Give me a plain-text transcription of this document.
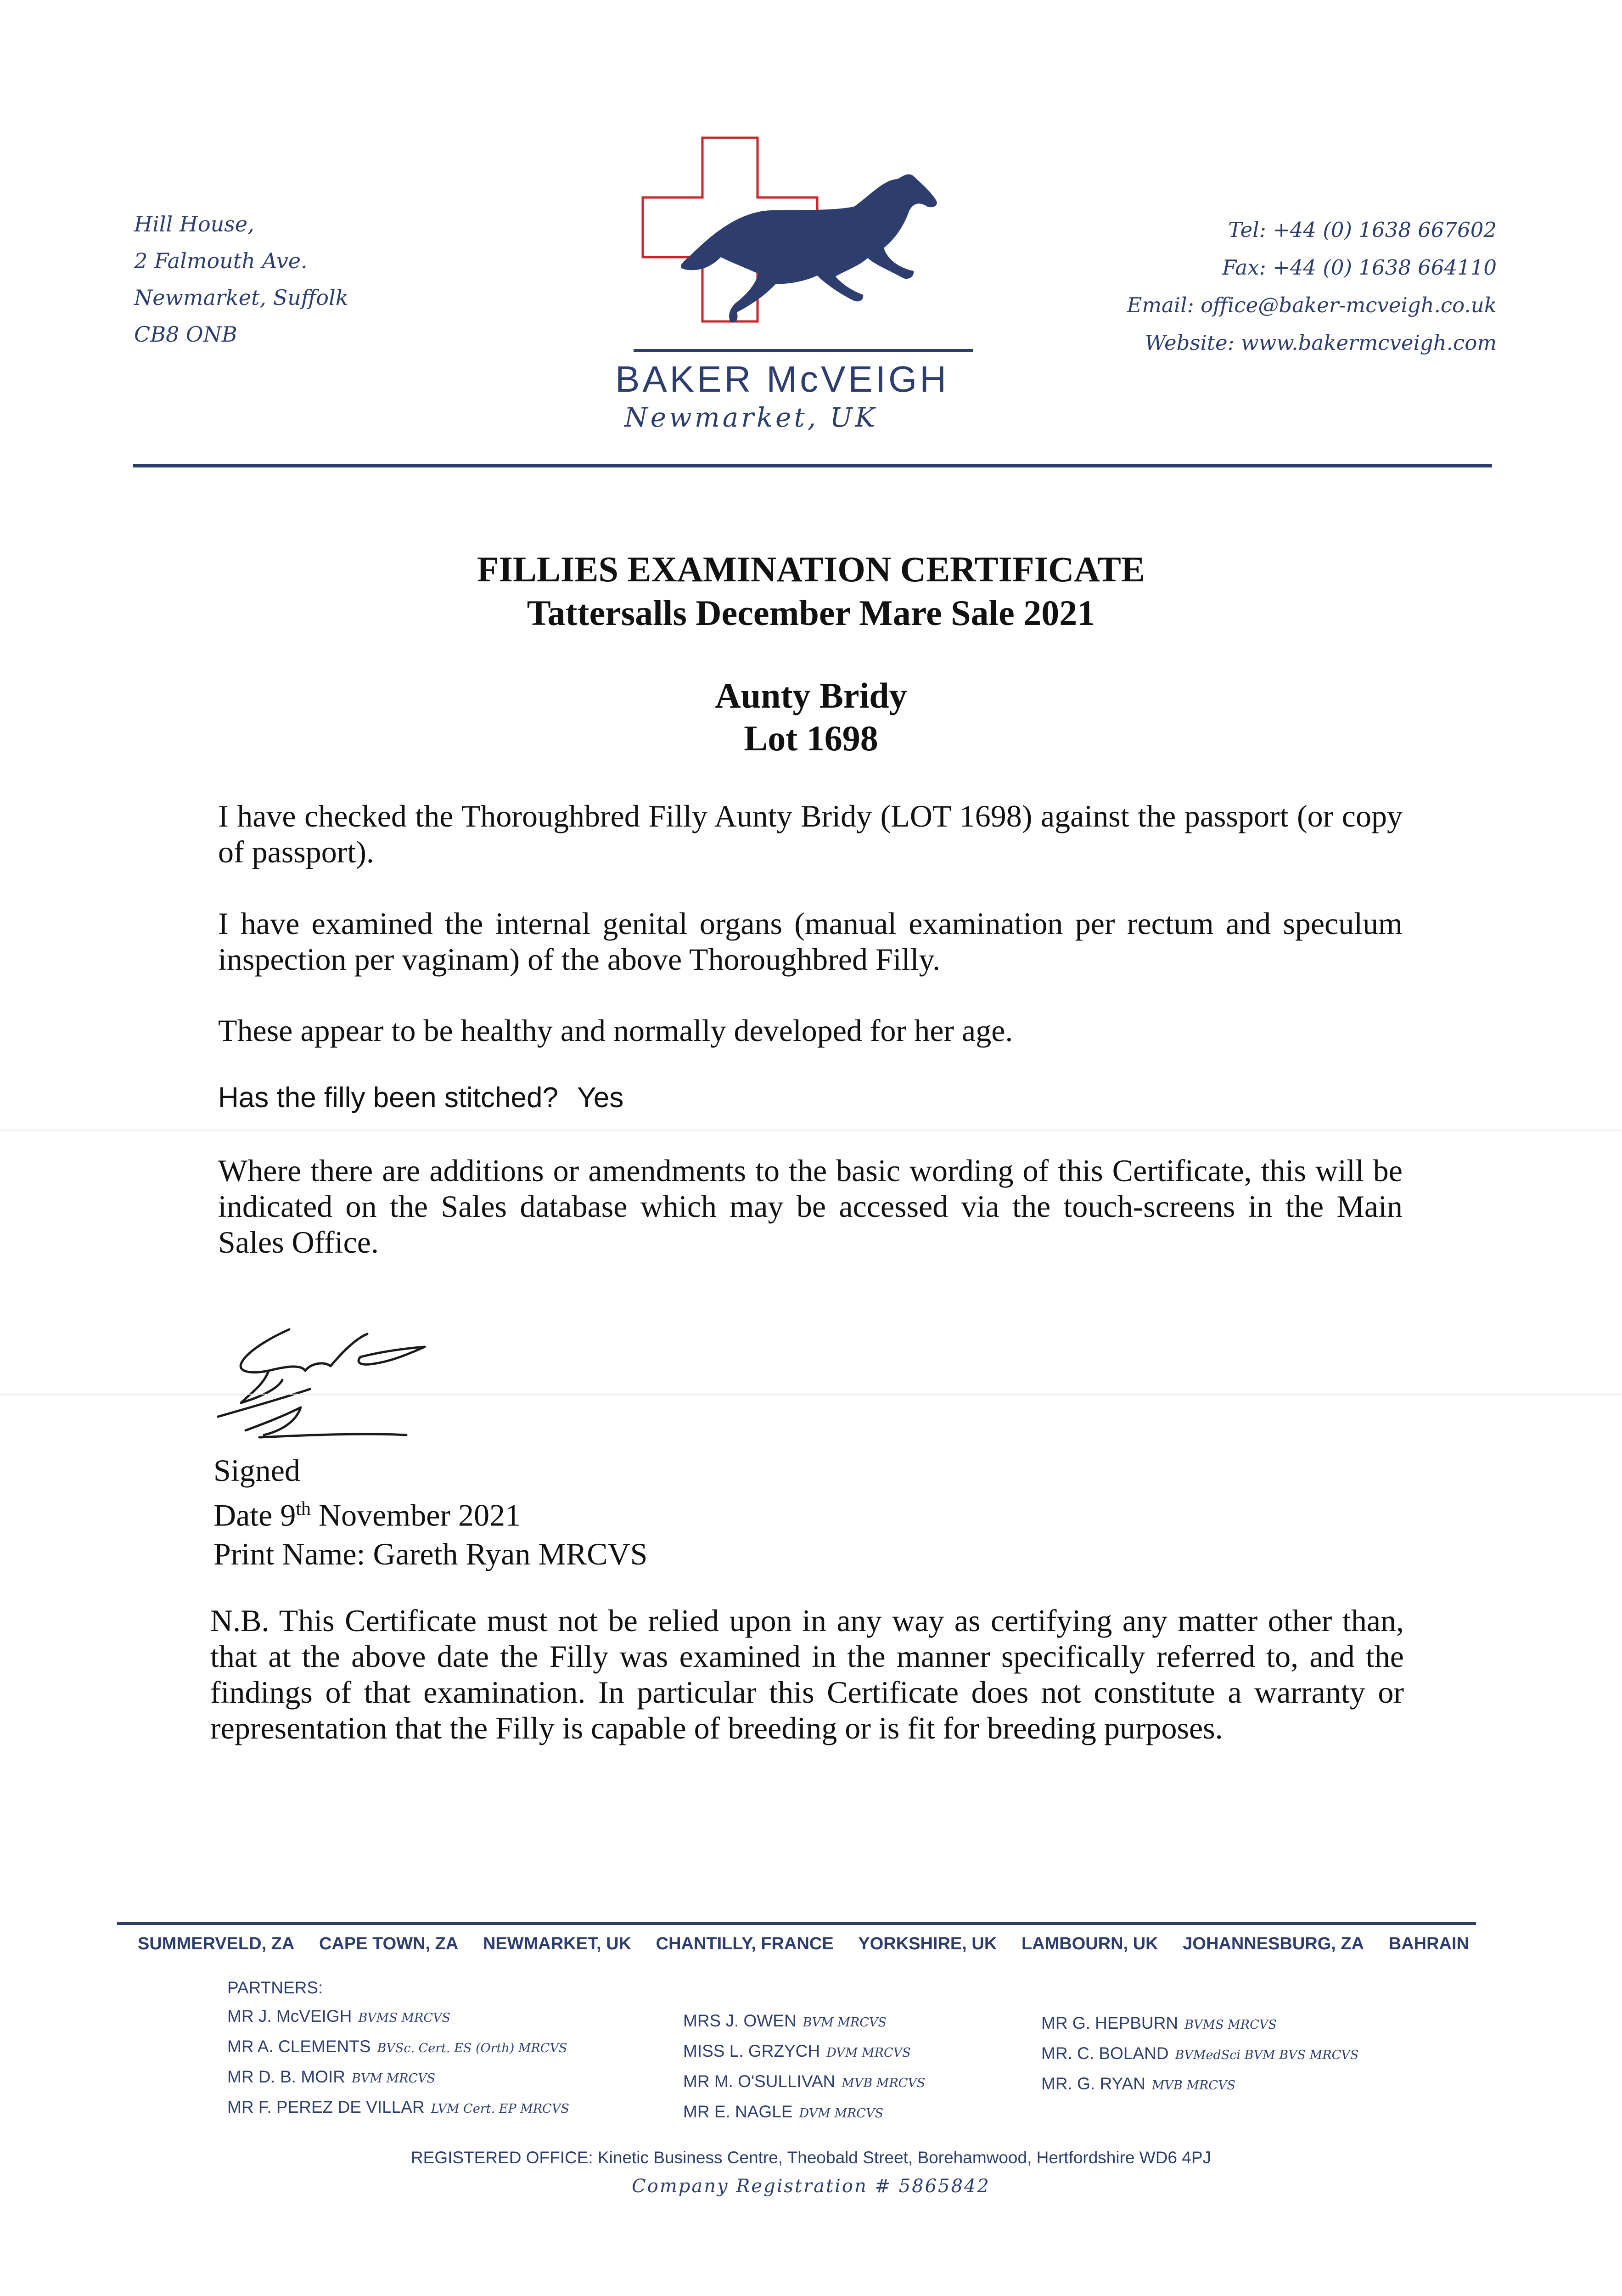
Hill House,
2 Falmouth Ave.
Newmarket, Suffolk
CB8 ONB
BAKER McVEIGH
Newmarket, UK
Tel: +44 (0) 1638 667602
Fax: +44 (0) 1638 664110
Email: office@baker-mcveigh.co.uk
Website: www.bakermcveigh.com
FILLIES EXAMINATION CERTIFICATE
Tattersalls December Mare Sale 2021
Aunty Bridy
Lot 1698
I have checked the Thoroughbred Filly Aunty Bridy (LOT 1698) against the passport (or copy of passport).
I have examined the internal genital organs (manual examination per rectum and speculum inspection per vaginam) of the above Thoroughbred Filly.
These appear to be healthy and normally developed for her age.
Has the filly been stitched? Yes
Where there are additions or amendments to the basic wording of this Certificate, this will be indicated on the Sales database which may be accessed via the touch-screens in the Main Sales Office.
Signed
Date 9th November 2021
Print Name: Gareth Ryan MRCVS
N.B. This Certificate must not be relied upon in any way as certifying any matter other than, that at the above date the Filly was examined in the manner specifically referred to, and the findings of that examination. In particular this Certificate does not constitute a warranty or representation that the Filly is capable of breeding or is fit for breeding purposes.
SUMMERVELD, ZA CAPE TOWN, ZA NEWMARKET, UK CHANTILLY, FRANCE YORKSHIRE, UK LAMBOURN, UK JOHANNESBURG, ZA BAHRAIN
PARTNERS:
MR J. McVEIGH BVMS MRCVS
MR A. CLEMENTS BVSc. Cert. ES (Orth) MRCVS
MR D. B. MOIR BVM MRCVS
MR F. PEREZ DE VILLAR LVM Cert. EP MRCVS
MRS J. OWEN BVM MRCVS
MISS L. GRZYCH DVM MRCVS
MR M. O'SULLIVAN MVB MRCVS
MR E. NAGLE DVM MRCVS
MR G. HEPBURN BVMS MRCVS
MR. C. BOLAND BVMedSci BVM BVS MRCVS
MR. G. RYAN MVB MRCVS
REGISTERED OFFICE: Kinetic Business Centre, Theobald Street, Borehamwood, Hertfordshire WD6 4PJ
Company Registration # 5865842
